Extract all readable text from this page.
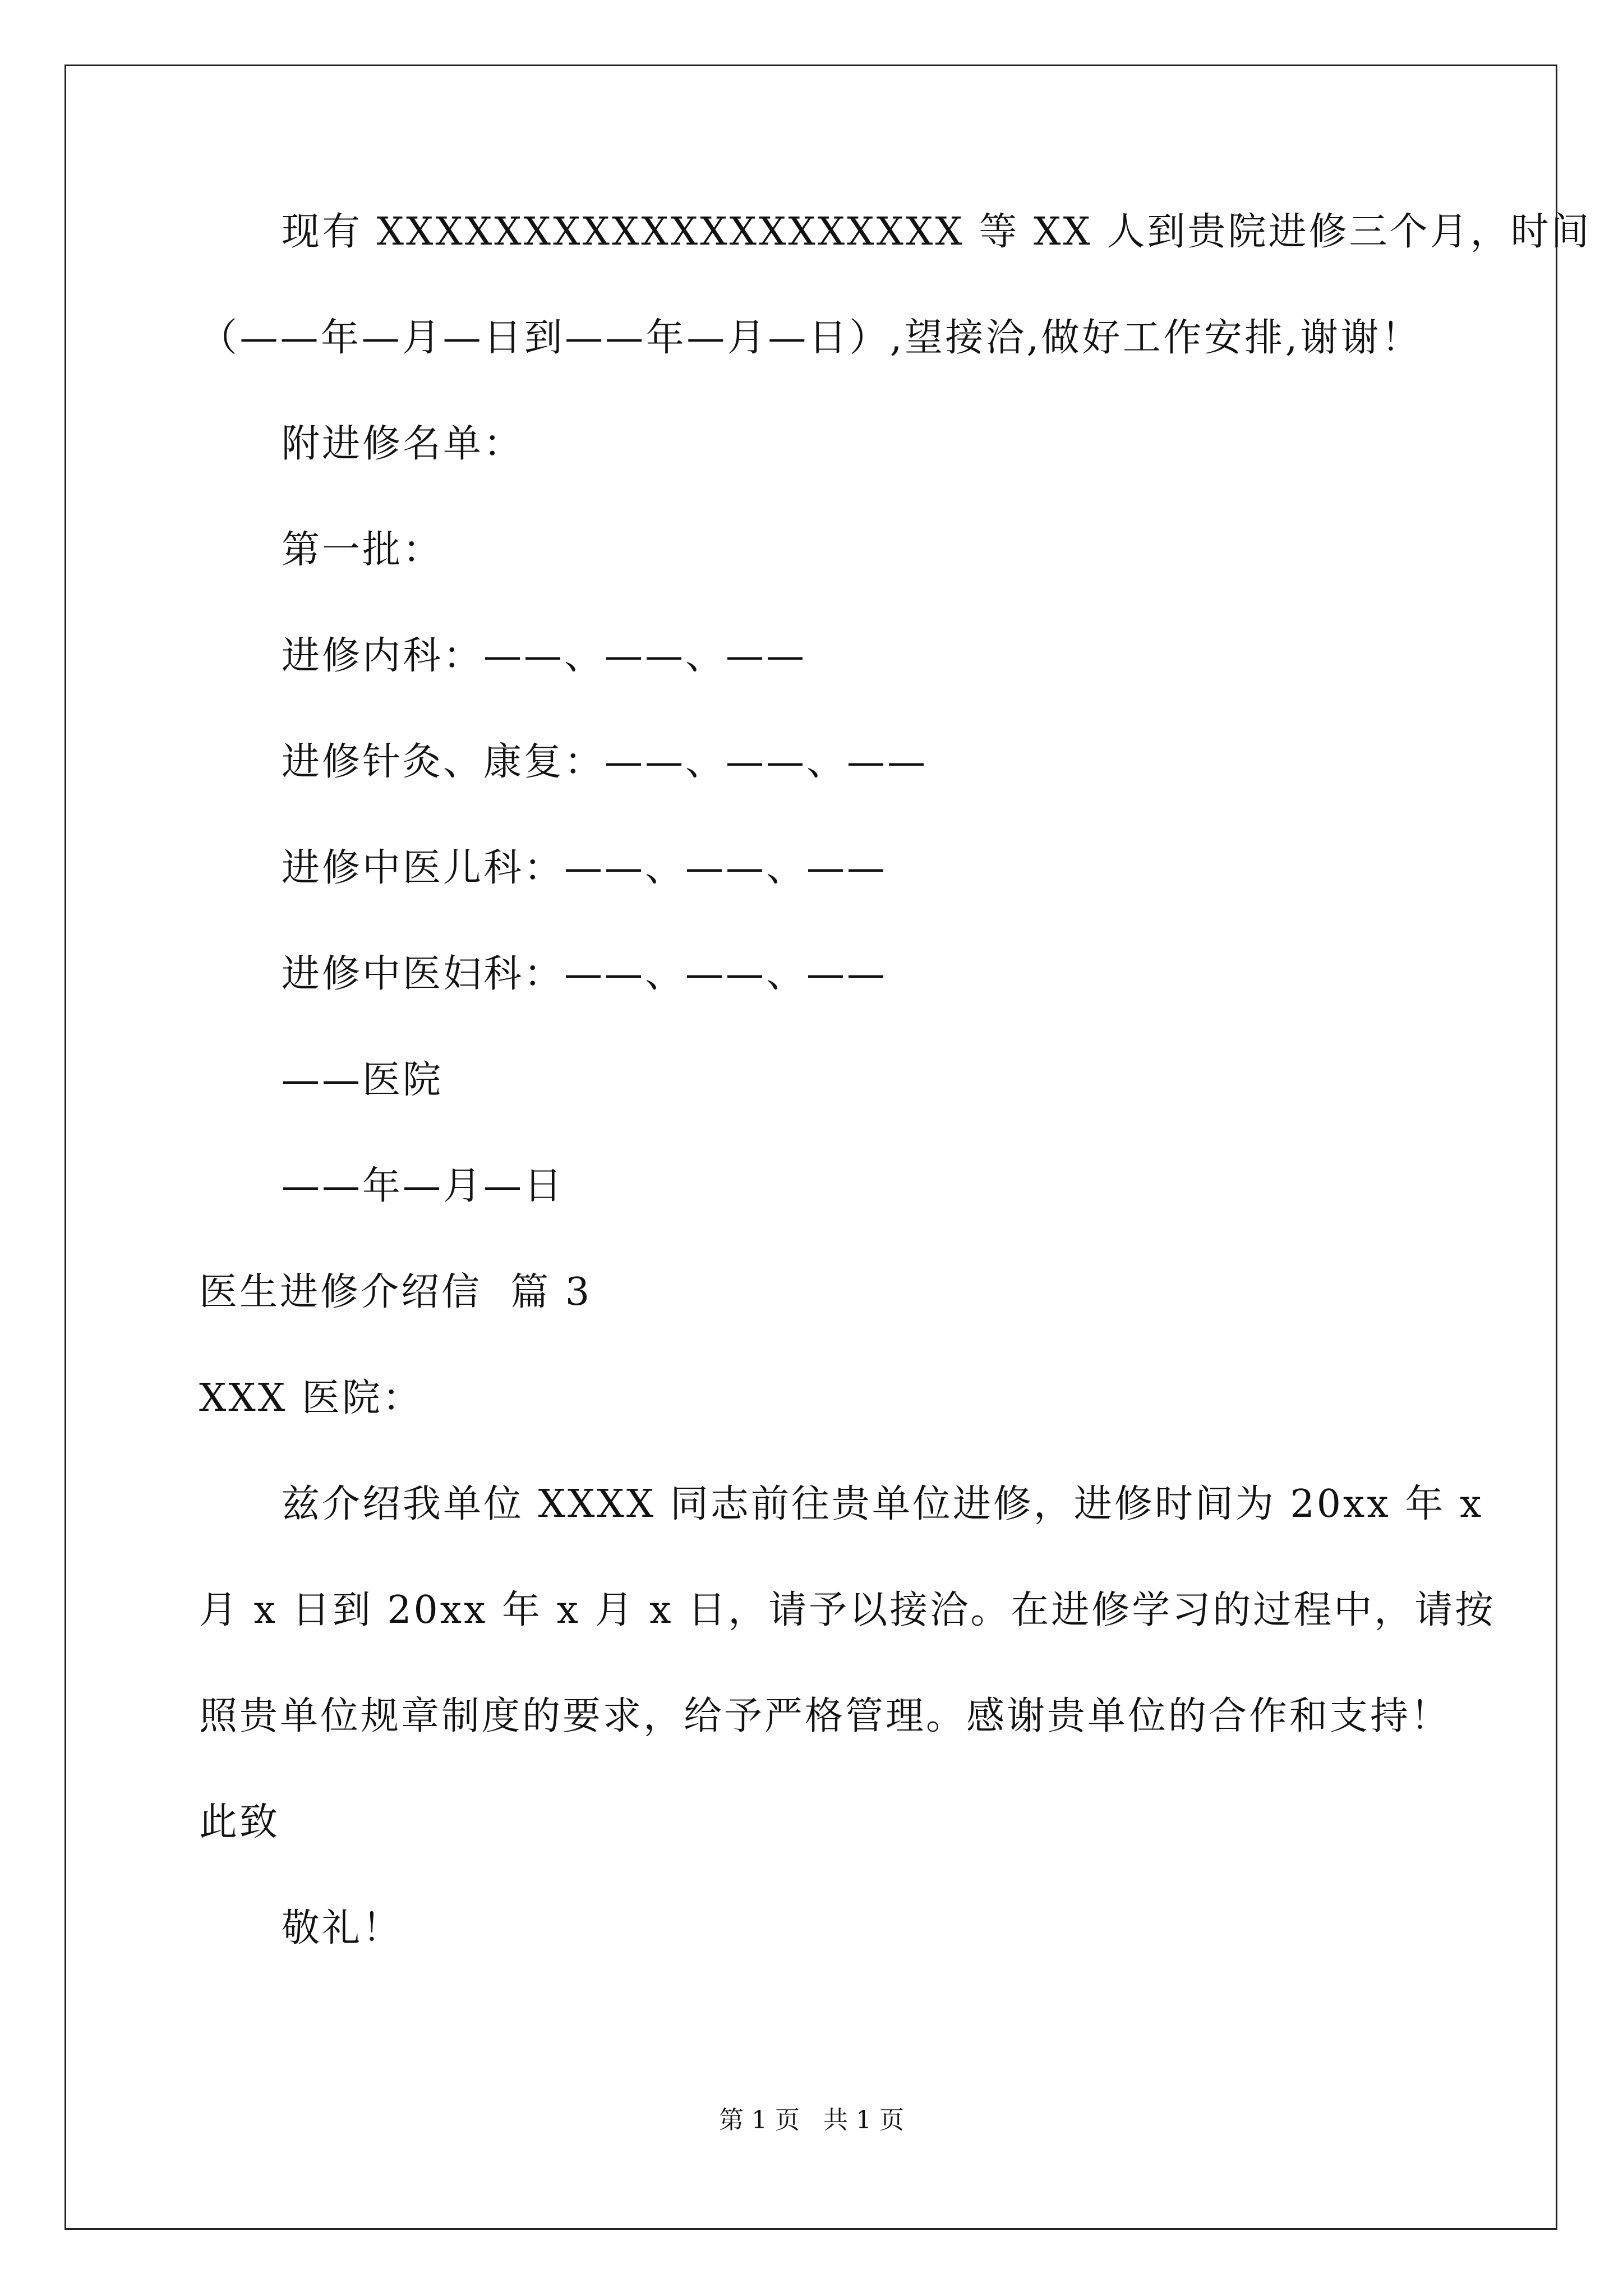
现有 XXXXXXXXXXXXXXXXXXXX 等 XX 人到贵院进修三个月，时间
（——年—月—日到——年—月—日）,望接洽,做好工作安排,谢谢！
附进修名单：
第一批：
进修内科：——、——、——
进修针灸、康复：——、——、——
进修中医儿科：——、——、——
进修中医妇科：——、——、——
——医院
——年—月—日
医生进修介绍信  篇 3
XXX 医院：
兹介绍我单位 XXXX 同志前往贵单位进修，进修时间为 20xx 年 x
月 x 日到 20xx 年 x 月 x 日，请予以接洽。在进修学习的过程中，请按
照贵单位规章制度的要求，给予严格管理。感谢贵单位的合作和支持！
此致
敬礼！
第 1 页   共 1 页
